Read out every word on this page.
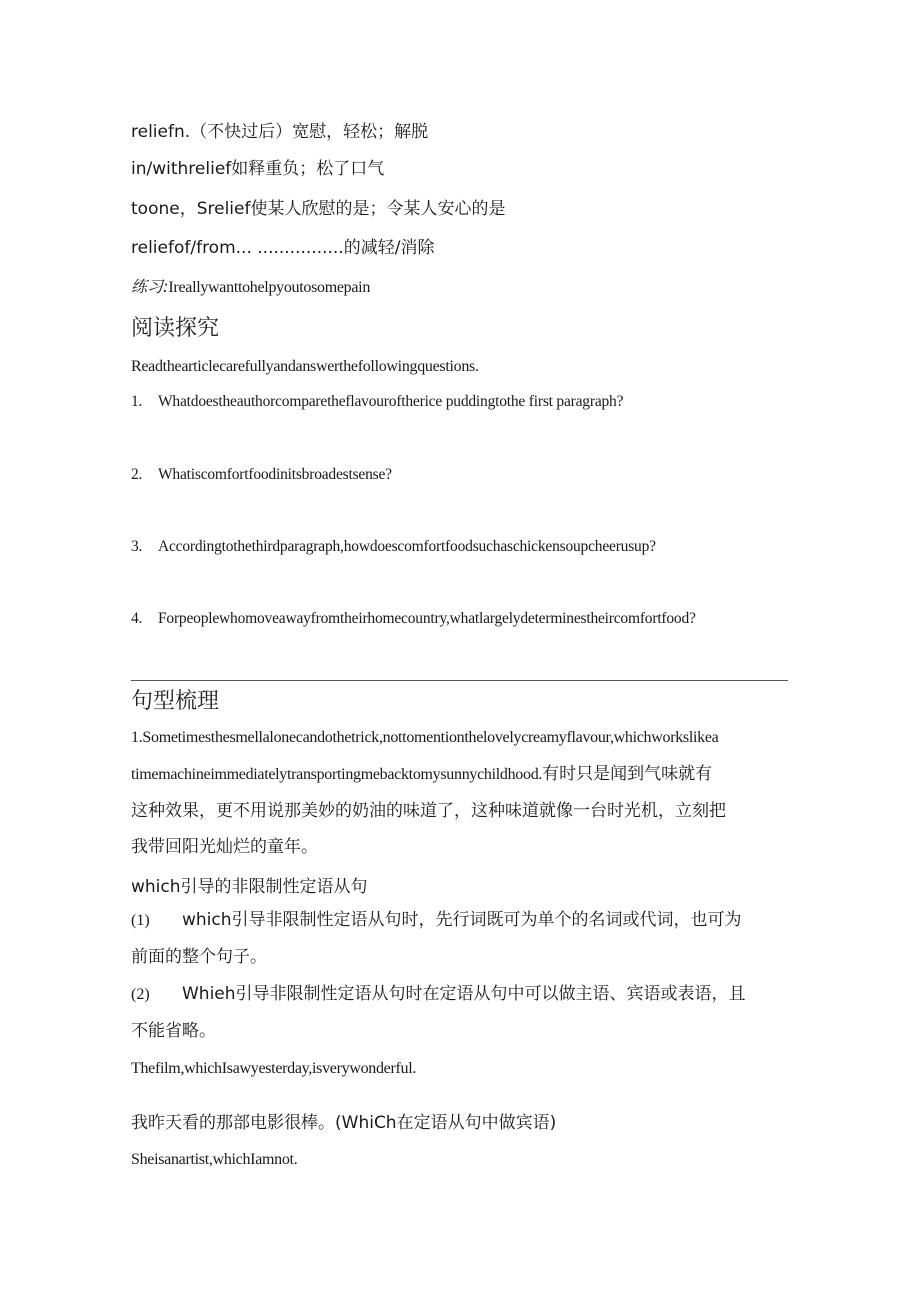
reliefn.（不快过后）宽慰，轻松；解脱
in/withrelief如释重负；松了口气
toone，Srelief使某人欣慰的是；令某人安心的是
reliefof/from... ................的减轻/消除
练习:Ireallywanttohelpyoutosomepain
阅读探究
Readthearticlecarefullyandanswerthefollowingquestions.
1. Whatdoestheauthorcomparetheflavouroftherice puddingtothe first paragraph?
2. Whatiscomfortfoodinitsbroadestsense?
3. Accordingtothethirdparagraph,howdoescomfortfoodsuchaschickensoupcheerusup?
4. Forpeoplewhomoveawayfromtheirhomecountry,whatlargelydeterminestheircomfortfood?
句型梳理
1.Sometimesthesmellalonecandothetrick,nottomentionthelovelycreamyflavour,whichworkslikea
timemachineimmediatelytransportingmebacktomysunnychildhood.有时只是闻到气味就有
这种效果，更不用说那美妙的奶油的味道了，这种味道就像一台时光机，立刻把
我带回阳光灿烂的童年。
which引导的非限制性定语从句
(1) which引导非限制性定语从句时，先行词既可为单个的名词或代词，也可为
前面的整个句子。
(2) Whieh引导非限制性定语从句时在定语从句中可以做主语、宾语或表语，且
不能省略。
Thefilm,whichIsawyesterday,isverywonderful.
我昨天看的那部电影很棒。(WhiCh在定语从句中做宾语)
Sheisanartist,whichIamnot.
